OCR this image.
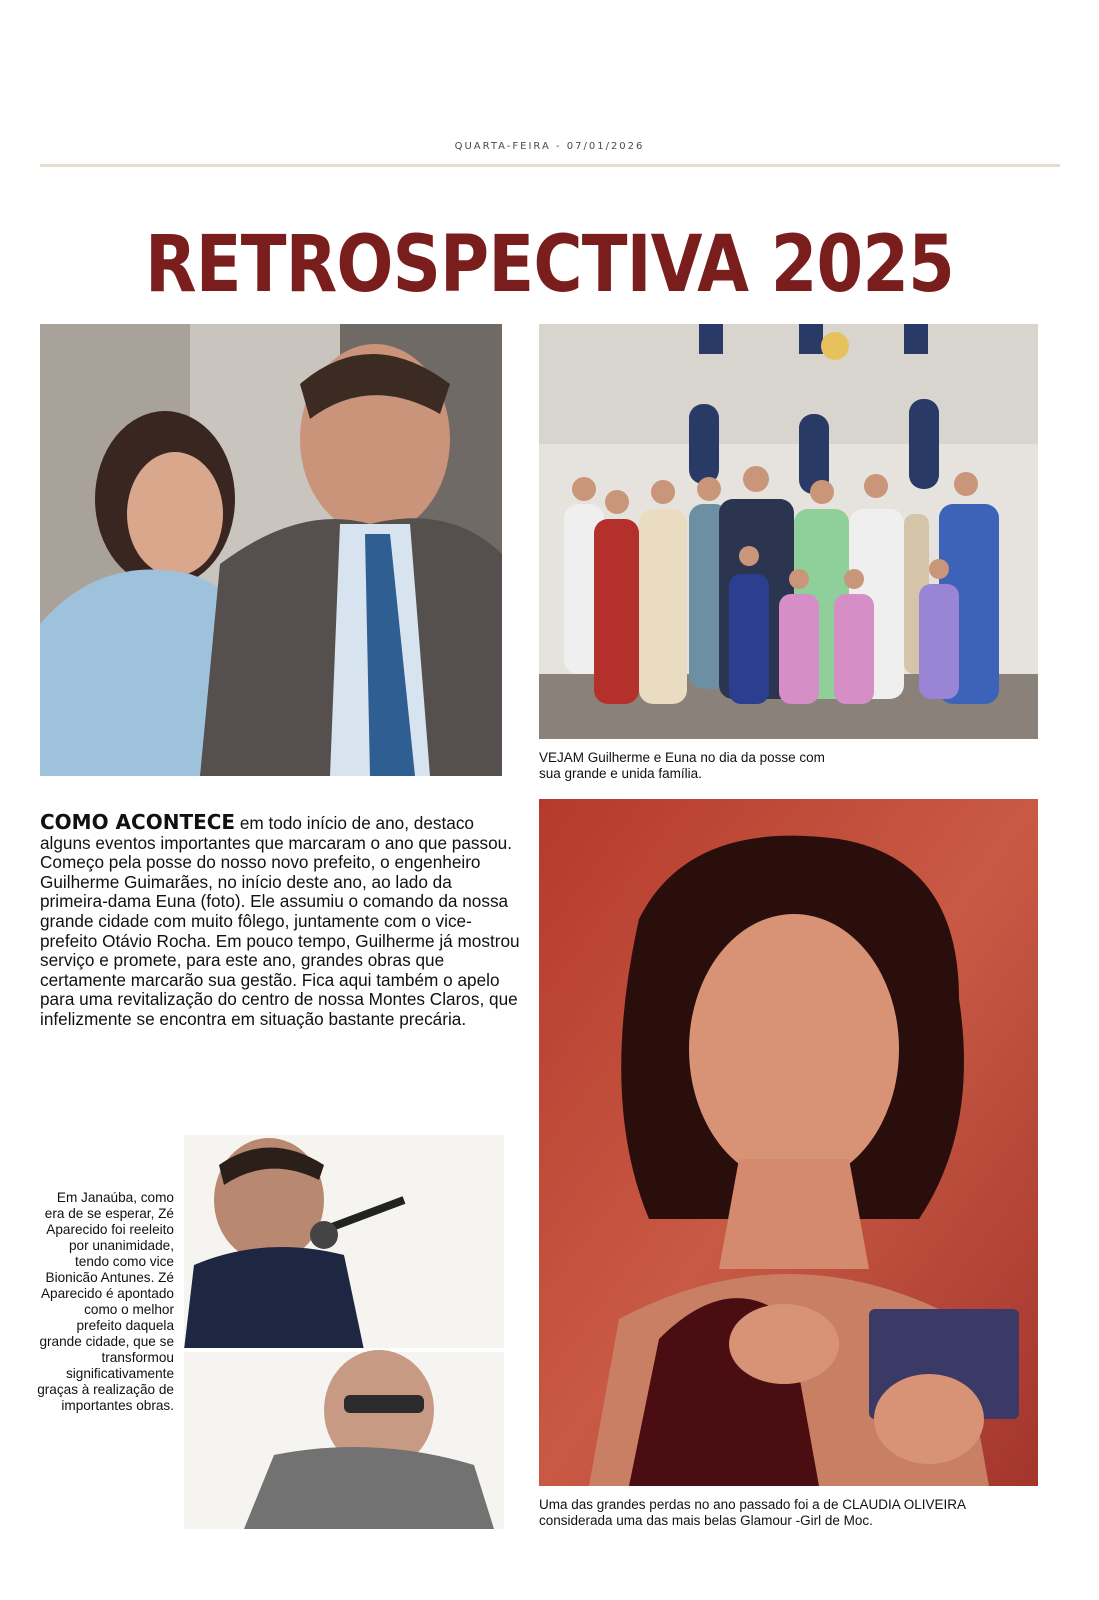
QUARTA-FEIRA - 07/01/2026
RETROSPECTIVA 2025
VEJAM Guilherme e Euna no dia da posse com sua grande e unida família.
Uma das grandes perdas no ano passado foi a de CLAUDIA OLIVEIRA considerada uma das mais belas Glamour -Girl de Moc.
COMO ACONTECE em todo início de ano, destaco alguns eventos importantes que marcaram o ano que passou. Começo pela posse do nosso novo prefeito, o engenheiro Guilherme Guimarães, no início deste ano, ao lado da primeira-dama Euna (foto). Ele assumiu o comando da nossa grande cidade com muito fôlego, juntamente com o vice-prefeito Otávio Rocha. Em pouco tempo, Guilherme já mostrou serviço e promete, para este ano, grandes obras que certamente marcarão sua gestão. Fica aqui também o apelo para uma revitalização do centro de nossa Montes Claros, que infelizmente se encontra em situação bastante precária.
Em Janaúba, como era de se esperar, Zé Aparecido foi reeleito por unanimidade, tendo como vice Bionicão Antunes. Zé Aparecido é apontado como o melhor prefeito daquela grande cidade, que se transformou significativamente graças à realização de importantes obras.
